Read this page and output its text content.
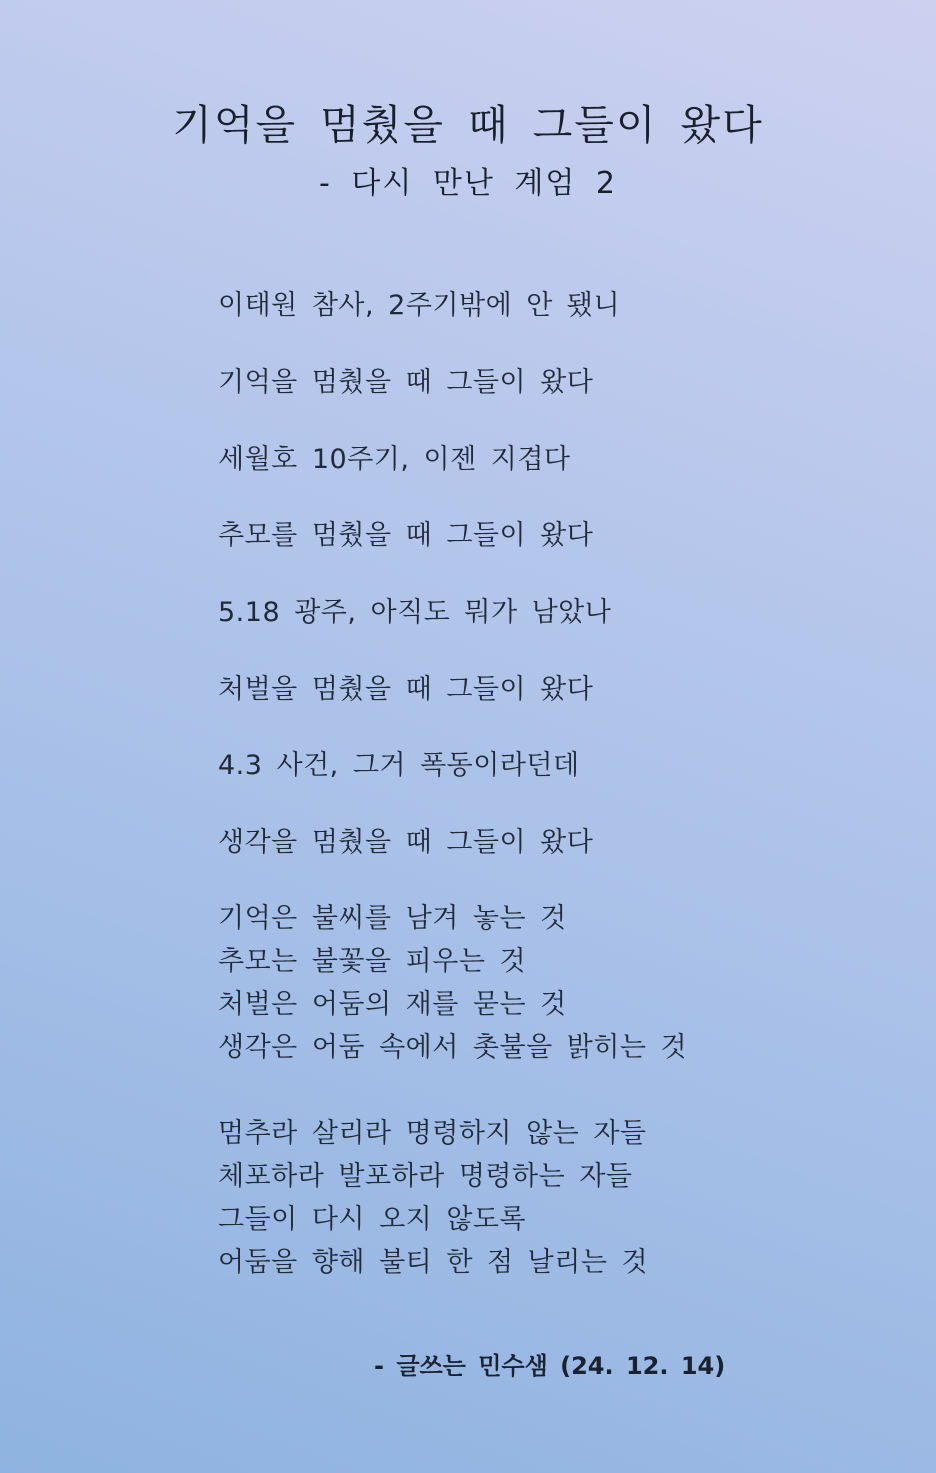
기억을 멈췄을 때 그들이 왔다
- 다시 만난 계엄 2
이태원 참사, 2주기밖에 안 됐니
기억을 멈췄을 때 그들이 왔다
세월호 10주기, 이젠 지겹다
추모를 멈췄을 때 그들이 왔다
5.18 광주, 아직도 뭐가 남았나
처벌을 멈췄을 때 그들이 왔다
4.3 사건, 그거 폭동이라던데
생각을 멈췄을 때 그들이 왔다
기억은 불씨를 남겨 놓는 것
추모는 불꽃을 피우는 것
처벌은 어둠의 재를 묻는 것
생각은 어둠 속에서 촛불을 밝히는 것
멈추라 살리라 명령하지 않는 자들
체포하라 발포하라 명령하는 자들
그들이 다시 오지 않도록
어둠을 향해 불티 한 점 날리는 것
- 글쓰는 민수샘 (24. 12. 14)
